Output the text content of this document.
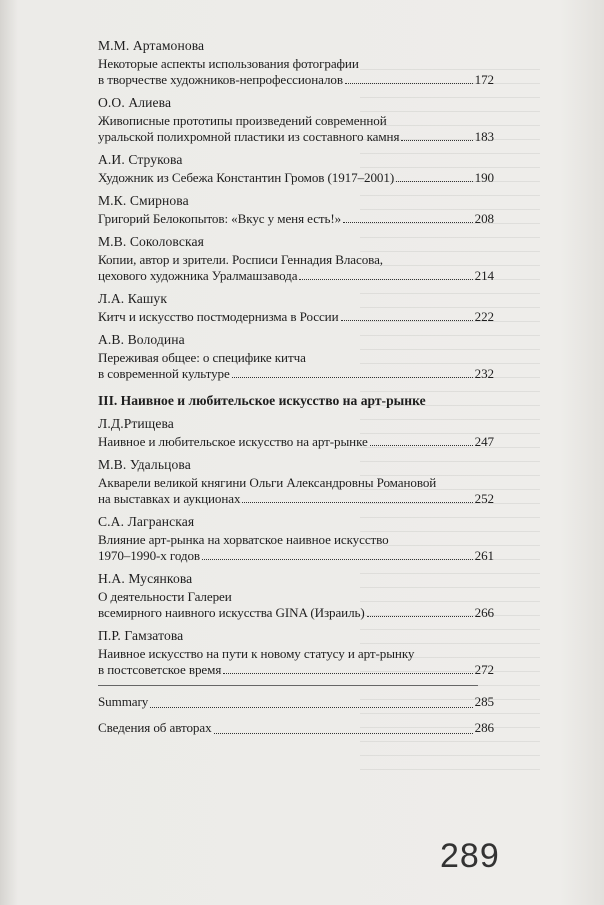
М.М. Артамонова
Некоторые аспекты использования фотографии
в творчестве художников-непрофессионалов	172
О.О. Алиева
Живописные прототипы произведений современной
уральской полихромной пластики из составного камня	183
А.И. Струкова
Художник из Себежа Константин Громов (1917–2001)	190
М.К. Смирнова
Григорий Белокопытов: «Вкус у меня есть!»	208
М.В. Соколовская
Копии, автор и зрители. Росписи Геннадия Власова,
цехового художника Уралмашзавода	214
Л.А. Кашук
Китч и искусство постмодернизма в России	222
А.В. Володина
Переживая общее: о специфике китча
в современной культуре	232
III. Наивное и любительское искусство на арт-рынке
Л.Д.Ртищева
Наивное и любительское искусство на арт-рынке	247
М.В. Удальцова
Акварели великой княгини Ольги Александровны Романовой
на выставках и аукционах	252
С.А. Лагранская
Влияние арт-рынка на хорватское наивное искусство
1970–1990-х годов	261
Н.А. Мусянкова
О деятельности Галереи
всемирного наивного искусства GINA (Израиль)	266
П.Р. Гамзатова
Наивное искусство на пути к новому статусу и арт-рынку
в постсоветское время	272
Summary	285
Сведения об авторах	286
289
